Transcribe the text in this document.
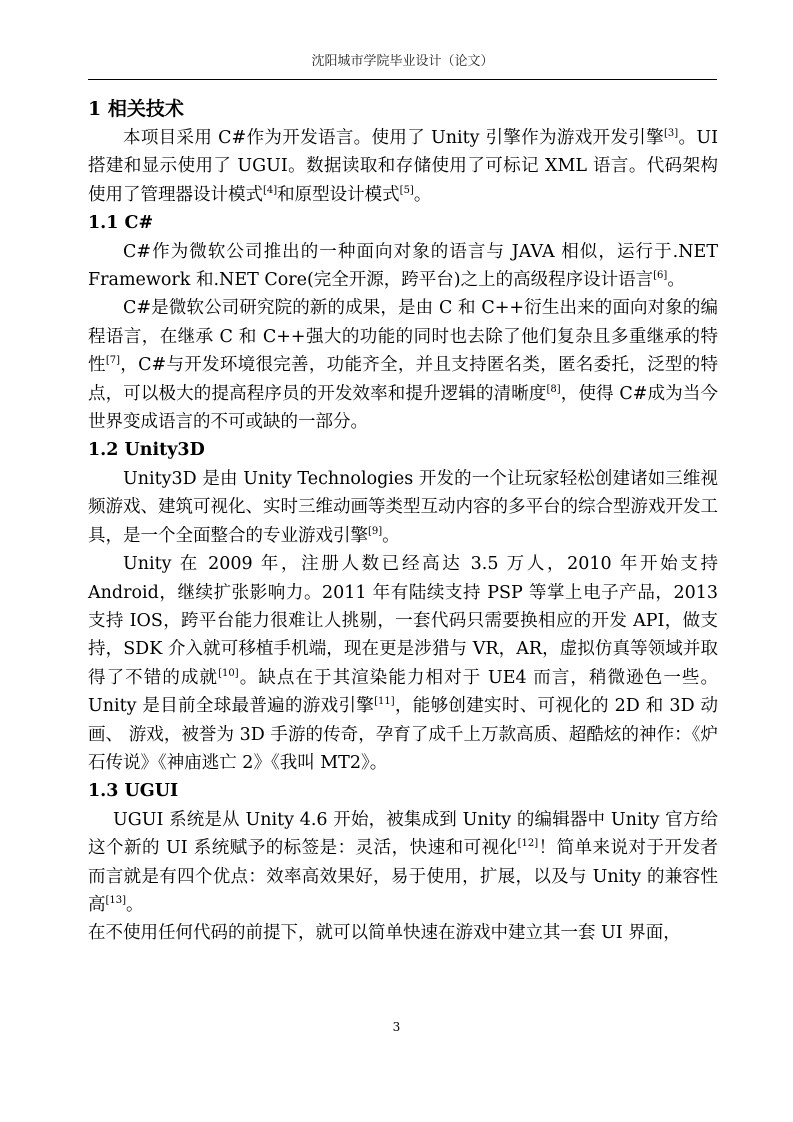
沈阳城市学院毕业设计（论文）
1 相关技术

本项目采用 C#作为开发语言。使用了 Unity 引擎作为游戏开发引擎[3]。UI 搭建和显示使用了 UGUI。数据读取和存储使用了可标记 XML 语言。代码架构使用了管理器设计模式[4]和原型设计模式[5]。

1.1 C#

C#作为微软公司推出的一种面向对象的语言与 JAVA 相似，运行于.NET Framework 和.NET Core(完全开源，跨平台)之上的高级程序设计语言[6]。

C#是微软公司研究院的新的成果，是由 C 和 C++衍生出来的面向对象的编程语言，在继承 C 和 C++强大的功能的同时也去除了他们复杂且多重继承的特性[7]，C#与开发环境很完善，功能齐全，并且支持匿名类，匿名委托，泛型的特点，可以极大的提高程序员的开发效率和提升逻辑的清晰度[8]，使得 C#成为当今世界变成语言的不可或缺的一部分。

1.2 Unity3D

Unity3D 是由 Unity Technologies 开发的一个让玩家轻松创建诸如三维视频游戏、建筑可视化、实时三维动画等类型互动内容的多平台的综合型游戏开发工具，是一个全面整合的专业游戏引擎[9]。

Unity 在 2009 年，注册人数已经高达 3.5 万人，2010 年开始支持 Android，继续扩张影响力。2011 年有陆续支持 PSP 等掌上电子产品，2013 支持 IOS，跨平台能力很难让人挑剔，一套代码只需要换相应的开发 API，做支持，SDK 介入就可移植手机端，现在更是涉猎与 VR，AR，虚拟仿真等领域并取得了不错的成就[10]。缺点在于其渲染能力相对于 UE4 而言，稍微逊色一些。Unity 是目前全球最普遍的游戏引擎[11]，能够创建实时、可视化的 2D 和 3D 动画、 游戏，被誉为 3D 手游的传奇，孕育了成千上万款高质、超酷炫的神作：《炉石传说》《神庙逃亡 2》《我叫 MT2》。

1.3 UGUI

UGUI 系统是从 Unity 4.6 开始，被集成到 Unity 的编辑器中 Unity 官方给这个新的 UI 系统赋予的标签是：灵活，快速和可视化[12]！简单来说对于开发者而言就是有四个优点：效率高效果好，易于使用，扩展，以及与 Unity 的兼容性高[13]。

在不使用任何代码的前提下，就可以简单快速在游戏中建立其一套 UI 界面，

3
